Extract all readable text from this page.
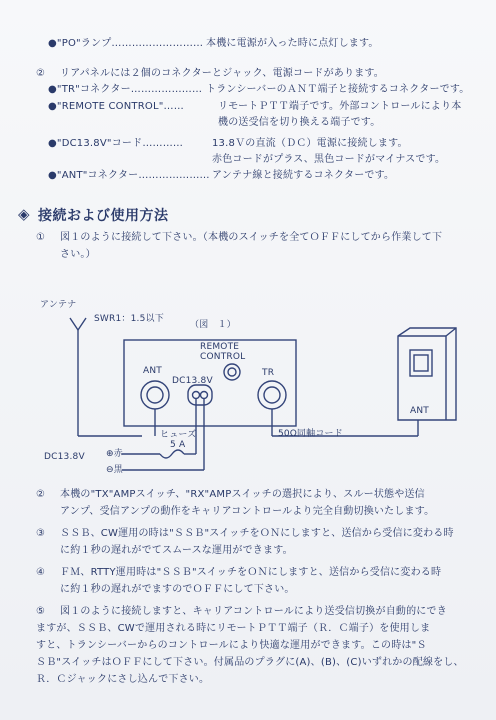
●"PO"ランプ……………………… 本機に電源が入った時に点灯します。
② リアパネルには２個のコネクターとジャック、電源コードがあります。
●"TR"コネクター………………… トランシーバーのＡＮＴ端子と接続するコネクターです。
●"REMOTE CONTROL"……	リモートＰＴＴ端子です。外部コントロールにより本
機の送受信を切り換える端子です。
●"DC13.8V"コード…………	13.8Ｖの直流（ＤＣ）電源に接続します。
赤色コードがプラス、黒色コードがマイナスです。
●"ANT"コネクター………………… アンテナ線と接続するコネクターです。
◈ 接続および使用方法
① 図１のように接続して下さい。（本機のスイッチを全てＯＦＦにしてから作業して下
さい。）
（図　１）
アンテナ
SWR1：1.5以下
REMOTE
CONTROL
ANT
DC13.8V
TR
ヒューズ
5 A
50Ω同軸コード
DC13.8V ⊕赤
⊖黒
ANT
② 本機の"TX"AMPスイッチ、"RX"AMPスイッチの選択により、スルー状態や送信
アンプ、受信アンプの動作をキャリアコントロールより完全自動切換いたします。
③ ＳＳＢ、CW運用の時は"ＳＳＢ"スイッチをＯＮにしますと、送信から受信に変わる時
に約１秒の遅れがでてスムースな運用ができます。
④ ＦＭ、RTTY運用時は"ＳＳＢ"スイッチをＯＮにしますと、送信から受信に変わる時
に約１秒の遅れがでますのでＯＦＦにして下さい。
⑤ 図１のように接続しますと、キャリアコントロールにより送受信切換が自動的にでき
ますが、ＳＳＢ、CWで運用される時にリモートＰＴＴ端子（Ｒ．Ｃ端子）を使用しま
すと、トランシーバーからのコントロールにより快適な運用ができます。この時は"Ｓ
ＳＢ"スイッチはＯＦＦにして下さい。付属品のプラグに(A)、(B)、(C)いずれかの配線をし、
Ｒ．Ｃジャックにさし込んで下さい。
